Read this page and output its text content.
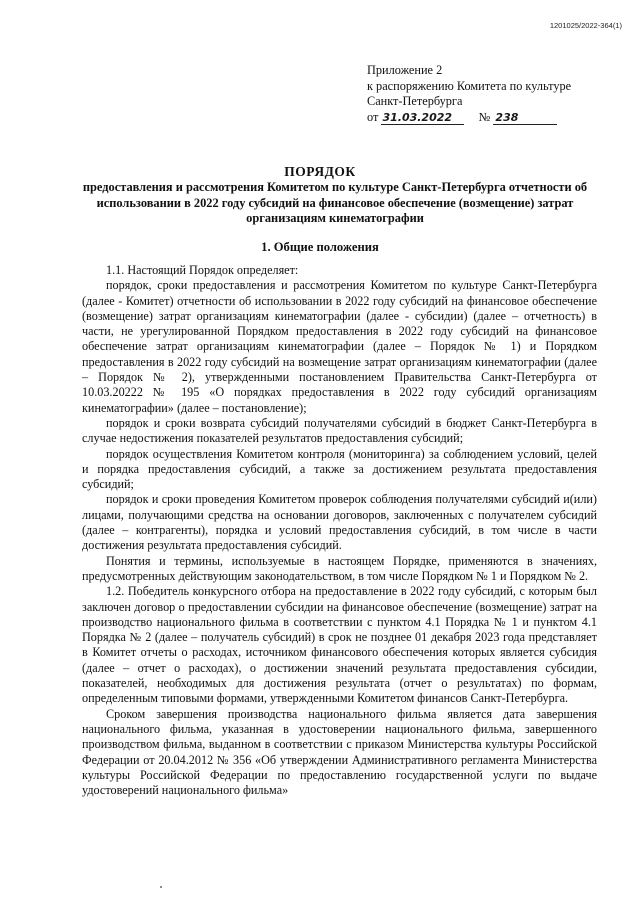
1201025/2022-364(1)
Приложение 2
к распоряжению Комитета по культуре
Санкт-Петербурга
от 31.03.2022 № 238
ПОРЯДОК
предоставления и рассмотрения Комитетом по культуре Санкт-Петербурга отчетности об использовании в 2022 году субсидий на финансовое обеспечение (возмещение) затрат организациям кинематографии
1. Общие положения

1.1. Настоящий Порядок определяет:

порядок, сроки предоставления и рассмотрения Комитетом по культуре Санкт-Петербурга (далее - Комитет) отчетности об использовании в 2022 году субсидий на финансовое обеспечение (возмещение) затрат организациям кинематографии (далее - субсидии) (далее – отчетность) в части, не урегулированной Порядком предоставления в 2022 году субсидий на финансовое обеспечение затрат организациям кинематографии (далее – Порядок № 1) и Порядком предоставления в 2022 году субсидий на возмещение затрат организациям кинематографии (далее – Порядок № 2), утвержденными постановлением Правительства Санкт-Петербурга от 10.03.20222 № 195 «О порядках предоставления в 2022 году субсидий организациям кинематографии» (далее – постановление);

порядок и сроки возврата субсидий получателями субсидий в бюджет Санкт-Петербурга в случае недостижения показателей результатов предоставления субсидий;

порядок осуществления Комитетом контроля (мониторинга) за соблюдением условий, целей и порядка предоставления субсидий, а также за достижением результата предоставления субсидий;

порядок и сроки проведения Комитетом проверок соблюдения получателями субсидий и(или) лицами, получающими средства на основании договоров, заключенных с получателем субсидий (далее – контрагенты), порядка и условий предоставления субсидий, в том числе в части достижения результата предоставления субсидий.

Понятия и термины, используемые в настоящем Порядке, применяются в значениях, предусмотренных действующим законодательством, в том числе Порядком № 1 и Порядком № 2.

1.2. Победитель конкурсного отбора на предоставление в 2022 году субсидий, с которым был заключен договор о предоставлении субсидии на финансовое обеспечение (возмещение) затрат на производство национального фильма в соответствии с пунктом 4.1 Порядка № 1 и пунктом 4.1 Порядка № 2 (далее – получатель субсидий) в срок не позднее 01 декабря 2023 года представляет в Комитет отчеты о расходах, источником финансового обеспечения которых является субсидия (далее – отчет о расходах), о достижении значений результата предоставления субсидии, показателей, необходимых для достижения результата (отчет о результатах) по формам, определенным типовыми формами, утвержденными Комитетом финансов Санкт-Петербурга.

Сроком завершения производства национального фильма является дата завершения национального фильма, указанная в удостоверении национального фильма, завершенного производством фильма, выданном в соответствии с приказом Министерства культуры Российской Федерации от 20.04.2012 № 356 «Об утверждении Административного регламента Министерства культуры Российской Федерации по предоставлению государственной услуги по выдаче удостоверений национального фильма»
